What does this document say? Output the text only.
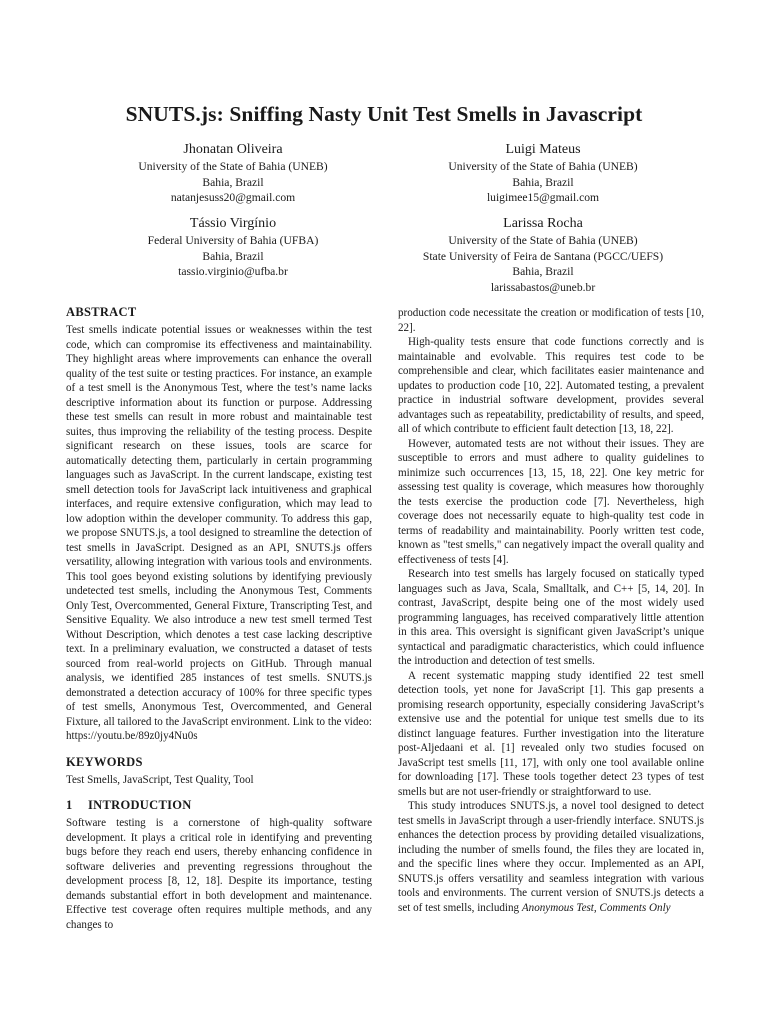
SNUTS.js: Sniffing Nasty Unit Test Smells in Javascript
Jhonatan Oliveira
University of the State of Bahia (UNEB)
Bahia, Brazil
natanjesuss20@gmail.com
Luigi Mateus
University of the State of Bahia (UNEB)
Bahia, Brazil
luigimee15@gmail.com
Tássio Virgínio
Federal University of Bahia (UFBA)
Bahia, Brazil
tassio.virginio@ufba.br
Larissa Rocha
University of the State of Bahia (UNEB)
State University of Feira de Santana (PGCC/UEFS)
Bahia, Brazil
larissabastos@uneb.br
ABSTRACT

Test smells indicate potential issues or weaknesses within the test code, which can compromise its effectiveness and maintainability. They highlight areas where improvements can enhance the overall quality of the test suite or testing practices. For instance, an example of a test smell is the Anonymous Test, where the test’s name lacks descriptive information about its function or purpose. Addressing these test smells can result in more robust and maintainable test suites, thus improving the reliability of the testing process. Despite significant research on these issues, tools are scarce for automatically detecting them, particularly in certain programming languages such as JavaScript. In the current landscape, existing test smell detection tools for JavaScript lack intuitiveness and graphical interfaces, and require extensive configuration, which may lead to low adoption within the developer community. To address this gap, we propose SNUTS.js, a tool designed to streamline the detection of test smells in JavaScript. Designed as an API, SNUTS.js offers versatility, allowing integration with various tools and environments. This tool goes beyond existing solutions by identifying previously undetected test smells, including the Anonymous Test, Comments Only Test, Overcommented, General Fixture, Transcripting Test, and Sensitive Equality. We also introduce a new test smell termed Test Without Description, which denotes a test case lacking descriptive text. In a preliminary evaluation, we constructed a dataset of tests sourced from real-world projects on GitHub. Through manual analysis, we identified 285 instances of test smells. SNUTS.js demonstrated a detection accuracy of 100% for three specific types of test smells, Anonymous Test, Overcommented, and General Fixture, all tailored to the JavaScript environment. Link to the video: https://youtu.be/89z0jy4Nu0s

KEYWORDS

Test Smells, JavaScript, Test Quality, Tool

1 INTRODUCTION

Software testing is a cornerstone of high-quality software development. It plays a critical role in identifying and preventing bugs before they reach end users, thereby enhancing confidence in software deliveries and preventing regressions throughout the development process [8, 12, 18]. Despite its importance, testing demands substantial effort in both development and maintenance. Effective test coverage often requires multiple methods, and any changes to

production code necessitate the creation or modification of tests [10, 22].

High-quality tests ensure that code functions correctly and is maintainable and evolvable. This requires test code to be comprehensible and clear, which facilitates easier maintenance and updates to production code [10, 22]. Automated testing, a prevalent practice in industrial software development, provides several advantages such as repeatability, predictability of results, and speed, all of which contribute to efficient fault detection [13, 18, 22].

However, automated tests are not without their issues. They are susceptible to errors and must adhere to quality guidelines to minimize such occurrences [13, 15, 18, 22]. One key metric for assessing test quality is coverage, which measures how thoroughly the tests exercise the production code [7]. Nevertheless, high coverage does not necessarily equate to high-quality test code in terms of readability and maintainability. Poorly written test code, known as "test smells," can negatively impact the overall quality and effectiveness of tests [4].

Research into test smells has largely focused on statically typed languages such as Java, Scala, Smalltalk, and C++ [5, 14, 20]. In contrast, JavaScript, despite being one of the most widely used programming languages, has received comparatively little attention in this area. This oversight is significant given JavaScript’s unique syntactical and paradigmatic characteristics, which could influence the introduction and detection of test smells.

A recent systematic mapping study identified 22 test smell detection tools, yet none for JavaScript [1]. This gap presents a promising research opportunity, especially considering JavaScript’s extensive use and the potential for unique test smells due to its distinct language features. Further investigation into the literature post-Aljedaani et al. [1] revealed only two studies focused on JavaScript test smells [11, 17], with only one tool available online for downloading [17]. These tools together detect 23 types of test smells but are not user-friendly or straightforward to use.

This study introduces SNUTS.js, a novel tool designed to detect test smells in JavaScript through a user-friendly interface. SNUTS.js enhances the detection process by providing detailed visualizations, including the number of smells found, the files they are located in, and the specific lines where they occur. Implemented as an API, SNUTS.js offers versatility and seamless integration with various tools and environments. The current version of SNUTS.js detects a set of test smells, including Anonymous Test, Comments Only
